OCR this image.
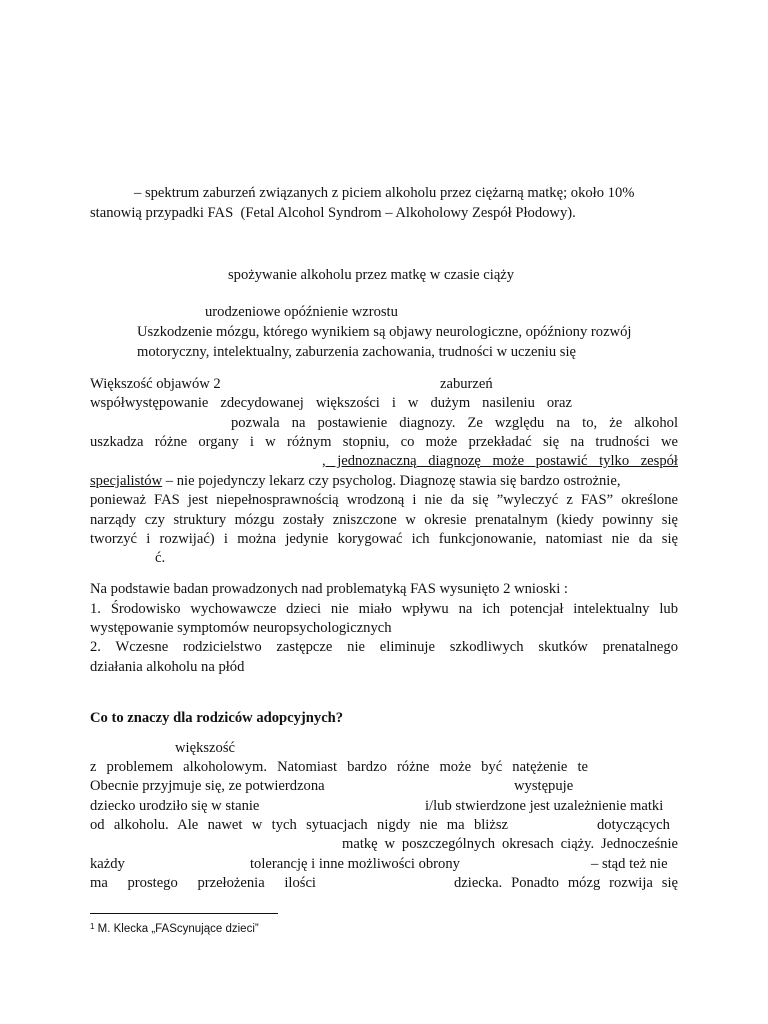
– spektrum zaburzeń związanych z piciem alkoholu przez ciężarną matkę; około 10%
stanowią przypadki FAS  (Fetal Alcohol Syndrom – Alkoholowy Zespół Płodowy).
spożywanie alkoholu przez matkę w czasie ciąży
urodzeniowe opóźnienie wzrostu
Uszkodzenie mózgu, którego wynikiem są objawy neurologiczne, opóźniony rozwój
motoryczny, intelektualny, zaburzenia zachowania, trudności w uczeniu się
Większość objawów 2	zaburzeń
współwystępowanie zdecydowanej większości i w dużym nasileniu oraz
pozwala na postawienie diagnozy. Ze względu na to, że alkohol
uszkadza różne organy i w różnym stopniu, co może przekładać się na trudności we
, jednoznaczną diagnozę może postawić tylko zespół
specjalistów – nie pojedynczy lekarz czy psycholog. Diagnozę stawia się bardzo ostrożnie,
ponieważ FAS jest niepełnosprawnością wrodzoną i nie da się ”wyleczyć z FAS” określone
narządy czy struktury mózgu zostały zniszczone w okresie prenatalnym (kiedy powinny się
tworzyć i rozwijać) i można jedynie korygować ich funkcjonowanie, natomiast nie da się
ć.
Na podstawie badan prowadzonych nad problematyką FAS wysunięto 2 wnioski :
1. Środowisko wychowawcze dzieci nie miało wpływu na ich potencjał intelektualny lub
występowanie symptomów neuropsychologicznych
2. Wczesne rodzicielstwo zastępcze nie eliminuje szkodliwych skutków prenatalnego
działania alkoholu na płód
Co to znaczy dla rodziców adopcyjnych?
większość
z problemem alkoholowym. Natomiast bardzo różne może być natężenie te
Obecnie przyjmuje się, ze potwierdzona	występuje
dziecko urodziło się w stanie	i/lub stwierdzone jest uzależnienie matki
od alkoholu. Ale nawet w tych sytuacjach nigdy nie ma bliższ	dotyczących
matkę w poszczególnych okresach ciąży. Jednocześnie
każdy	tolerancję i inne możliwości obrony	– stąd też nie
ma prostego przełożenia ilości	dziecka. Ponadto mózg rozwija się
$^1$ M. Klecka „FAScynujące dzieci”
